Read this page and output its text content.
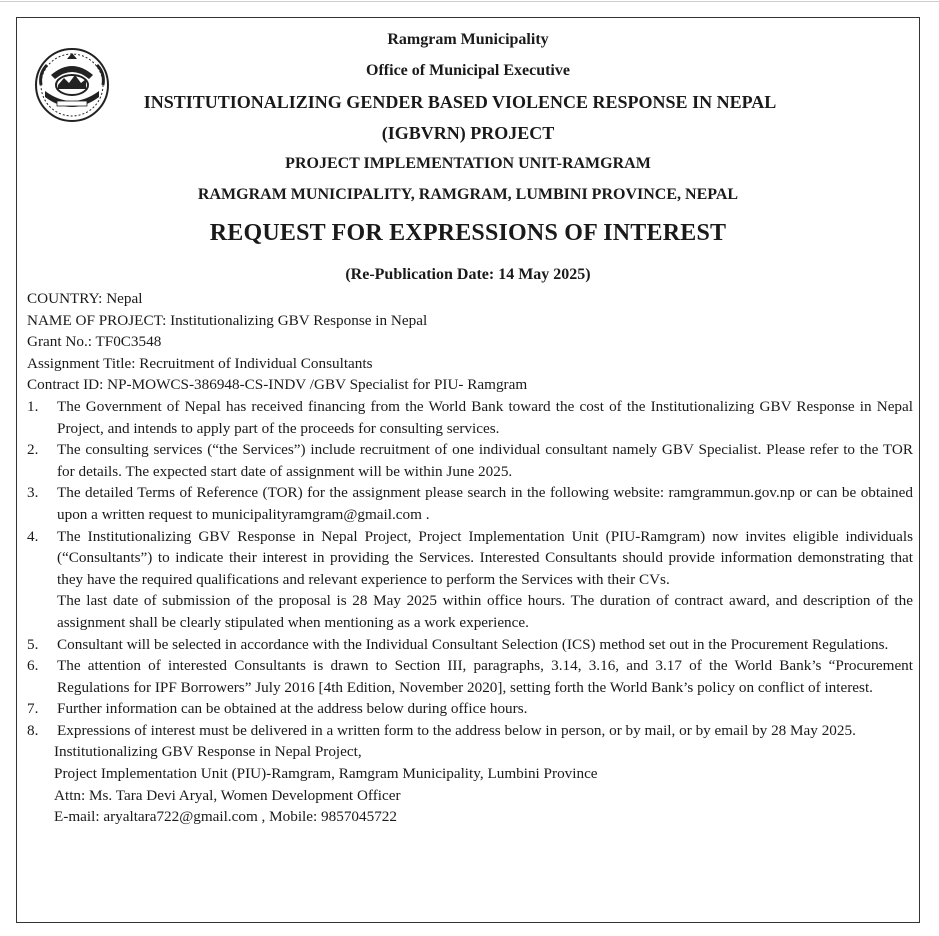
Ramgram Municipality
Office of Municipal Executive
INSTITUTIONALIZING GENDER BASED VIOLENCE RESPONSE IN NEPAL
(IGBVRN) PROJECT
PROJECT IMPLEMENTATION UNIT-RAMGRAM
RAMGRAM MUNICIPALITY, RAMGRAM, LUMBINI PROVINCE, NEPAL
REQUEST FOR EXPRESSIONS OF INTEREST
(Re-Publication Date: 14 May 2025)
COUNTRY: Nepal
NAME OF PROJECT: Institutionalizing GBV Response in Nepal
Grant No.: TF0C3548
Assignment Title: Recruitment of Individual Consultants
Contract ID: NP-MOWCS-386948-CS-INDV /GBV Specialist for PIU- Ramgram
1. The Government of Nepal has received financing from the World Bank toward the cost of the Institutionalizing GBV Response in Nepal Project, and intends to apply part of the proceeds for consulting services.

2. The consulting services (“the Services”) include recruitment of one individual consultant namely GBV Specialist. Please refer to the TOR for details. The expected start date of assignment will be within June 2025.

3. The detailed Terms of Reference (TOR) for the assignment please search in the following website: ramgrammun.gov.np or can be obtained upon a written request to municipalityramgram@gmail.com .

4. The Institutionalizing GBV Response in Nepal Project, Project Implementation Unit (PIU-Ramgram) now invites eligible individuals (“Consultants”) to indicate their interest in providing the Services. Interested Consultants should provide information demonstrating that they have the required qualifications and relevant experience to perform the Services with their CVs.

The last date of submission of the proposal is 28 May 2025 within office hours. The duration of contract award, and description of the assignment shall be clearly stipulated when mentioning as a work experience.

5. Consultant will be selected in accordance with the Individual Consultant Selection (ICS) method set out in the Procurement Regulations.

6. The attention of interested Consultants is drawn to Section III, paragraphs, 3.14, 3.16, and 3.17 of the World Bank’s “Procurement Regulations for IPF Borrowers” July 2016 [4th Edition, November 2020], setting forth the World Bank’s policy on conflict of interest.

7. Further information can be obtained at the address below during office hours.

8. Expressions of interest must be delivered in a written form to the address below in person, or by mail, or by email by 28 May 2025.

Institutionalizing GBV Response in Nepal Project,
Project Implementation Unit (PIU)-Ramgram, Ramgram Municipality, Lumbini Province
Attn: Ms. Tara Devi Aryal, Women Development Officer
E-mail: aryaltara722@gmail.com , Mobile: 9857045722
